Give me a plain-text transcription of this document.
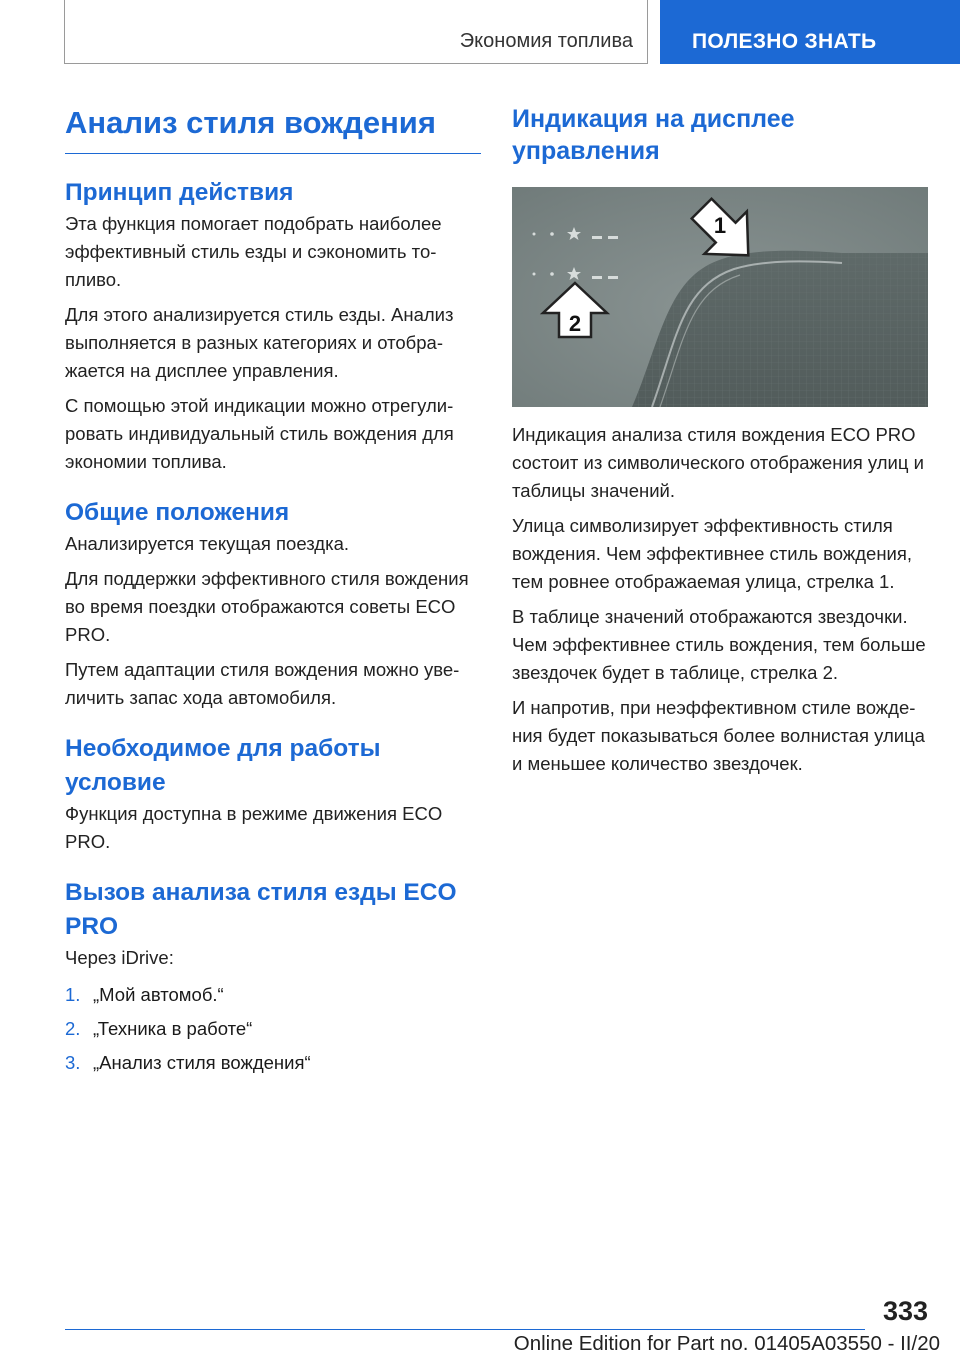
Экономия топлива	ПОЛЕЗНО ЗНАТЬ
Анализ стиля вождения
Принцип действия

Эта функция помогает подобрать наиболее эффективный стиль езды и сэкономить топливо.

Для этого анализируется стиль езды. Анализ выполняется в разных категориях и отображается на дисплее управления.

С помощью этой индикации можно отрегулировать индивидуальный стиль вождения для экономии топлива.

Общие положения

Анализируется текущая поездка.

Для поддержки эффективного стиля вождения во время поездки отображаются советы ECO PRO.

Путем адаптации стиля вождения можно увеличить запас хода автомобиля.

Необходимое для работы условие

Функция доступна в режиме движения ECO PRO.

Вызов анализа стиля езды ECO PRO

Через iDrive:

1. „Мой автомоб.“
2. „Техника в работе“
3. „Анализ стиля вождения“
Индикация на дисплее управления
1
2

Индикация анализа стиля вождения ECO PRO состоит из символического отображения улиц и таблицы значений.

Улица символизирует эффективность стиля вождения. Чем эффективнее стиль вождения, тем ровнее отображаемая улица, стрелка 1.

В таблице значений отображаются звездочки. Чем эффективнее стиль вождения, тем больше звездочек будет в таблице, стрелка 2.

И напротив, при неэффективном стиле вождения будет показываться более волнистая улица и меньшее количество звездочек.

333
Online Edition for Part no. 01405A03550 - II/20
